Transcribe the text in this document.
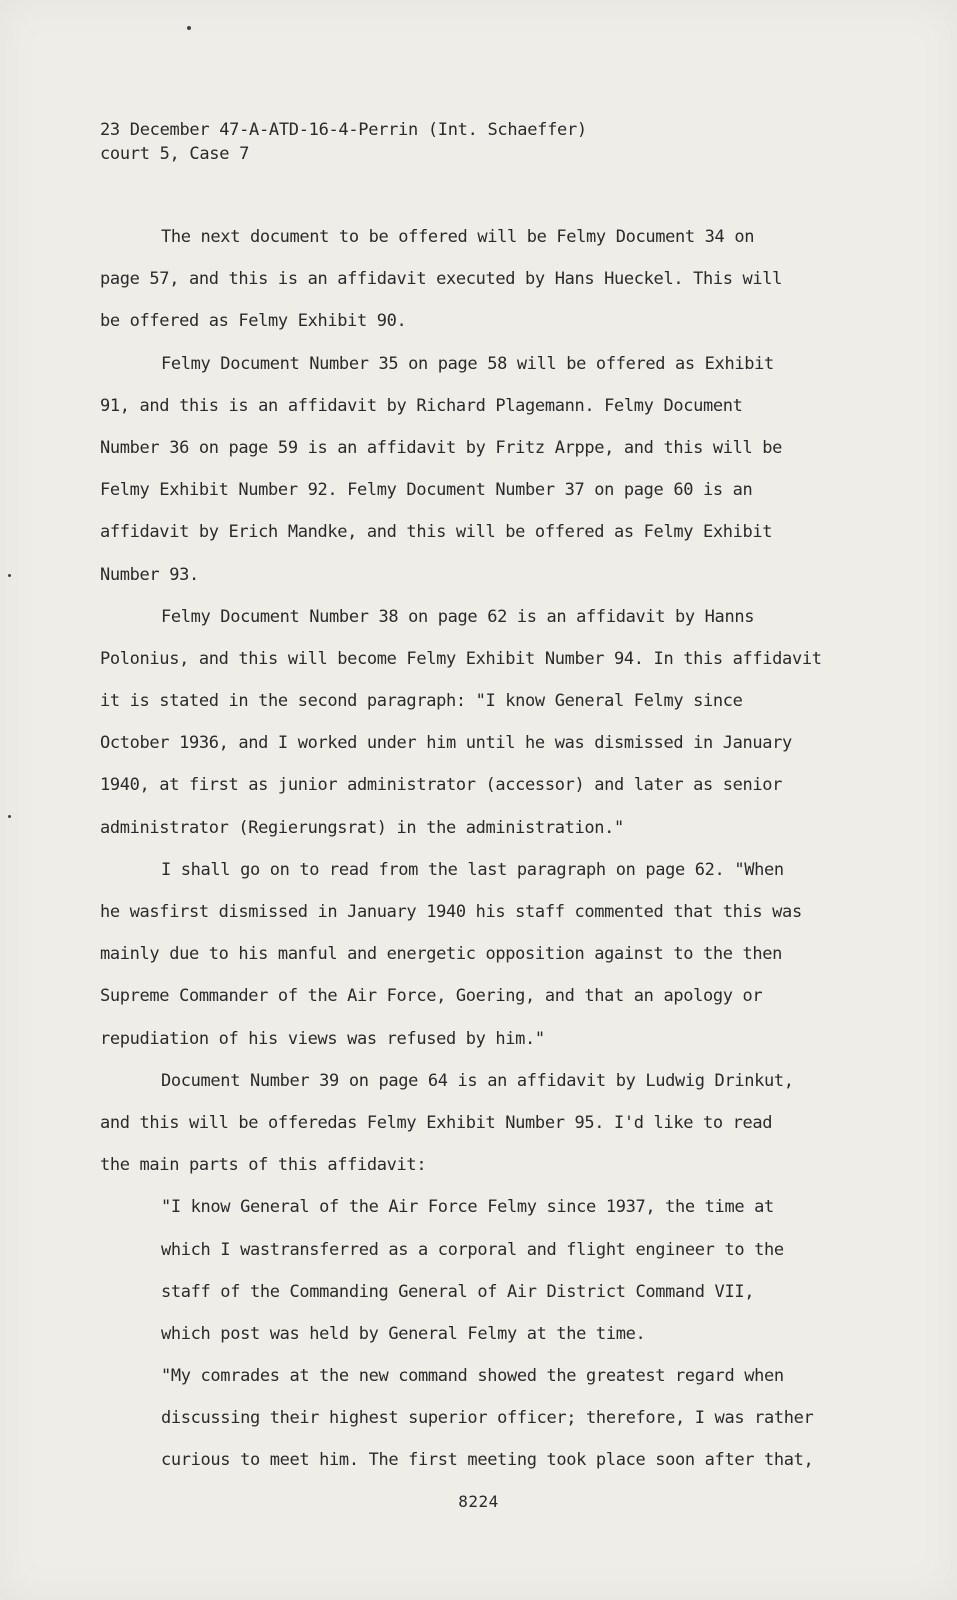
23 December 47-A-ATD-16-4-Perrin (Int. Schaeffer)
court 5, Case 7
The next document to be offered will be Felmy Document 34 on
page 57, and this is an affidavit executed by Hans Hueckel. This will
be offered as Felmy Exhibit 90.
Felmy Document Number 35 on page 58 will be offered as Exhibit
91, and this is an affidavit by Richard Plagemann. Felmy Document
Number 36 on page 59 is an affidavit by Fritz Arppe, and this will be
Felmy Exhibit Number 92. Felmy Document Number 37 on page 60 is an
affidavit by Erich Mandke, and this will be offered as Felmy Exhibit
Number 93.
Felmy Document Number 38 on page 62 is an affidavit by Hanns
Polonius, and this will become Felmy Exhibit Number 94. In this affidavit
it is stated in the second paragraph: "I know General Felmy since
October 1936, and I worked under him until he was dismissed in January
1940, at first as junior administrator (accessor) and later as senior
administrator (Regierungsrat) in the administration."
I shall go on to read from the last paragraph on page 62. "When
he wasfirst dismissed in January 1940 his staff commented that this was
mainly due to his manful and energetic opposition against to the then
Supreme Commander of the Air Force, Goering, and that an apology or
repudiation of his views was refused by him."
Document Number 39 on page 64 is an affidavit by Ludwig Drinkut,
and this will be offeredas Felmy Exhibit Number 95. I'd like to read
the main parts of this affidavit:
"I know General of the Air Force Felmy since 1937, the time at
which I wastransferred as a corporal and flight engineer to the
staff of the Commanding General of Air District Command VII,
which post was held by General Felmy at the time.
"My comrades at the new command showed the greatest regard when
discussing their highest superior officer; therefore, I was rather
curious to meet him. The first meeting took place soon after that,
8224
